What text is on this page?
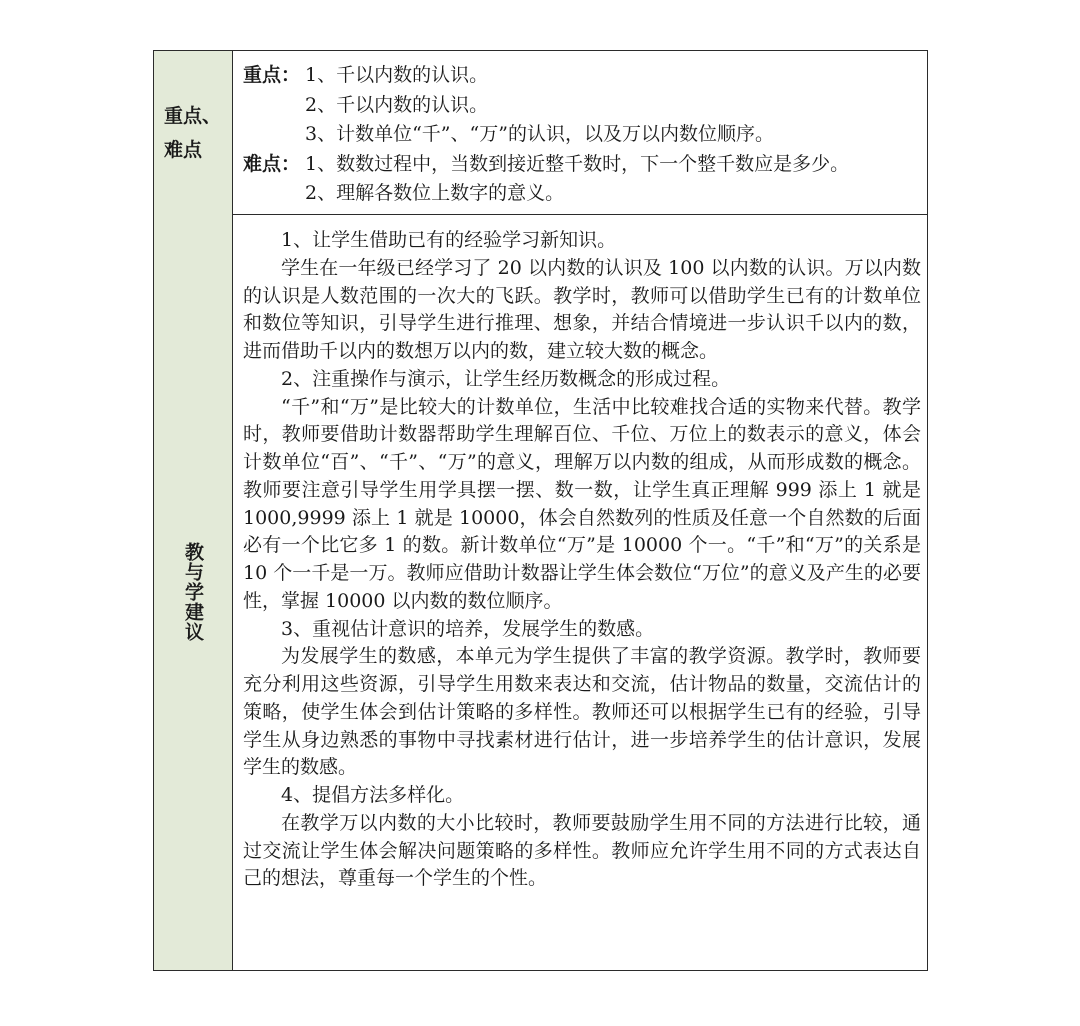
重点、
难点
重点： 1、千以内数的认识。
2、千以内数的认识。
3、计数单位“千”、“万”的认识，以及万以内数位顺序。
难点： 1、数数过程中，当数到接近整千数时，下一个整千数应是多少。
2、理解各数位上数字的意义。
教与学建议

1、让学生借助已有的经验学习新知识。

学生在一年级已经学习了 20 以内数的认识及 100 以内数的认识。万以内数的认识是人数范围的一次大的飞跃。教学时，教师可以借助学生已有的计数单位和数位等知识，引导学生进行推理、想象，并结合情境进一步认识千以内的数，进而借助千以内的数想万以内的数，建立较大数的概念。

2、注重操作与演示，让学生经历数概念的形成过程。

“千”和“万”是比较大的计数单位，生活中比较难找合适的实物来代替。教学时，教师要借助计数器帮助学生理解百位、千位、万位上的数表示的意义，体会计数单位“百”、“千”、“万”的意义，理解万以内数的组成，从而形成数的概念。教师要注意引导学生用学具摆一摆、数一数，让学生真正理解 999 添上 1 就是 1000,9999 添上 1 就是 10000，体会自然数列的性质及任意一个自然数的后面必有一个比它多 1 的数。新计数单位“万”是 10000 个一。“千”和“万”的关系是 10 个一千是一万。教师应借助计数器让学生体会数位“万位”的意义及产生的必要性，掌握 10000 以内数的数位顺序。

3、重视估计意识的培养，发展学生的数感。

为发展学生的数感，本单元为学生提供了丰富的教学资源。教学时，教师要充分利用这些资源，引导学生用数来表达和交流，估计物品的数量，交流估计的策略，使学生体会到估计策略的多样性。教师还可以根据学生已有的经验，引导学生从身边熟悉的事物中寻找素材进行估计，进一步培养学生的估计意识，发展学生的数感。

4、提倡方法多样化。

在教学万以内数的大小比较时，教师要鼓励学生用不同的方法进行比较，通过交流让学生体会解决问题策略的多样性。教师应允许学生用不同的方式表达自己的想法，尊重每一个学生的个性。
